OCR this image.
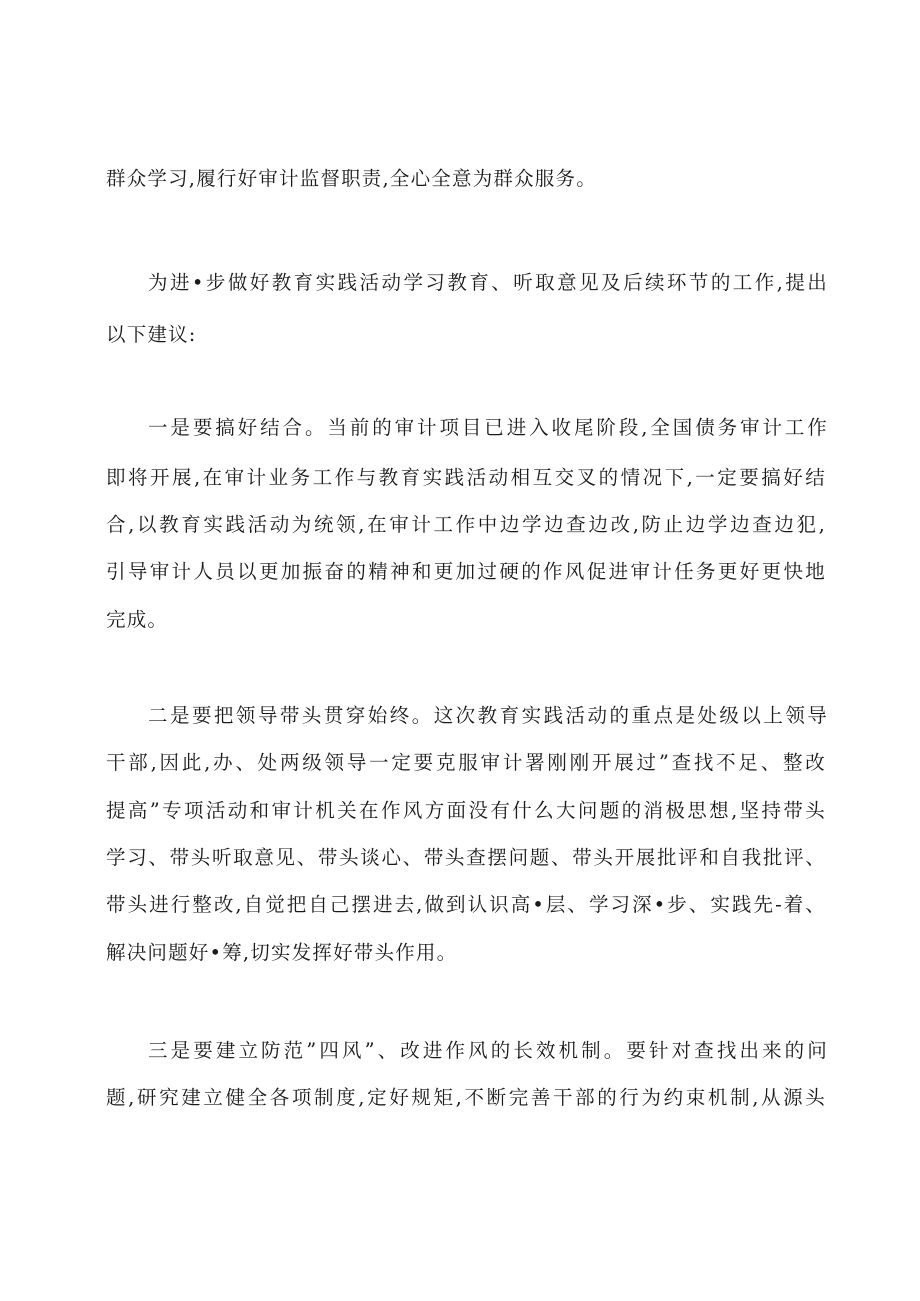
群众学习,履行好审计监督职责,全心全意为群众服务。
为进•步做好教育实践活动学习教育、听取意见及后续环节的工作,提出
以下建议:
一是要搞好结合。当前的审计项目已进入收尾阶段,全国债务审计工作
即将开展,在审计业务工作与教育实践活动相互交叉的情况下,一定要搞好结
合,以教育实践活动为统领,在审计工作中边学边查边改,防止边学边查边犯,
引导审计人员以更加振奋的精神和更加过硬的作风促进审计任务更好更快地
完成。
二是要把领导带头贯穿始终。这次教育实践活动的重点是处级以上领导
干部,因此,办、处两级领导一定要克服审计署刚刚开展过”查找不足、整改
提高”专项活动和审计机关在作风方面没有什么大问题的消极思想,坚持带头
学习、带头听取意见、带头谈心、带头查摆问题、带头开展批评和自我批评、
带头进行整改,自觉把自己摆进去,做到认识高•层、学习深•步、实践先-着、
解决问题好•筹,切实发挥好带头作用。
三是要建立防范”四风”、改进作风的长效机制。要针对查找出来的问
题,研究建立健全各项制度,定好规矩,不断完善干部的行为约束机制,从源头
